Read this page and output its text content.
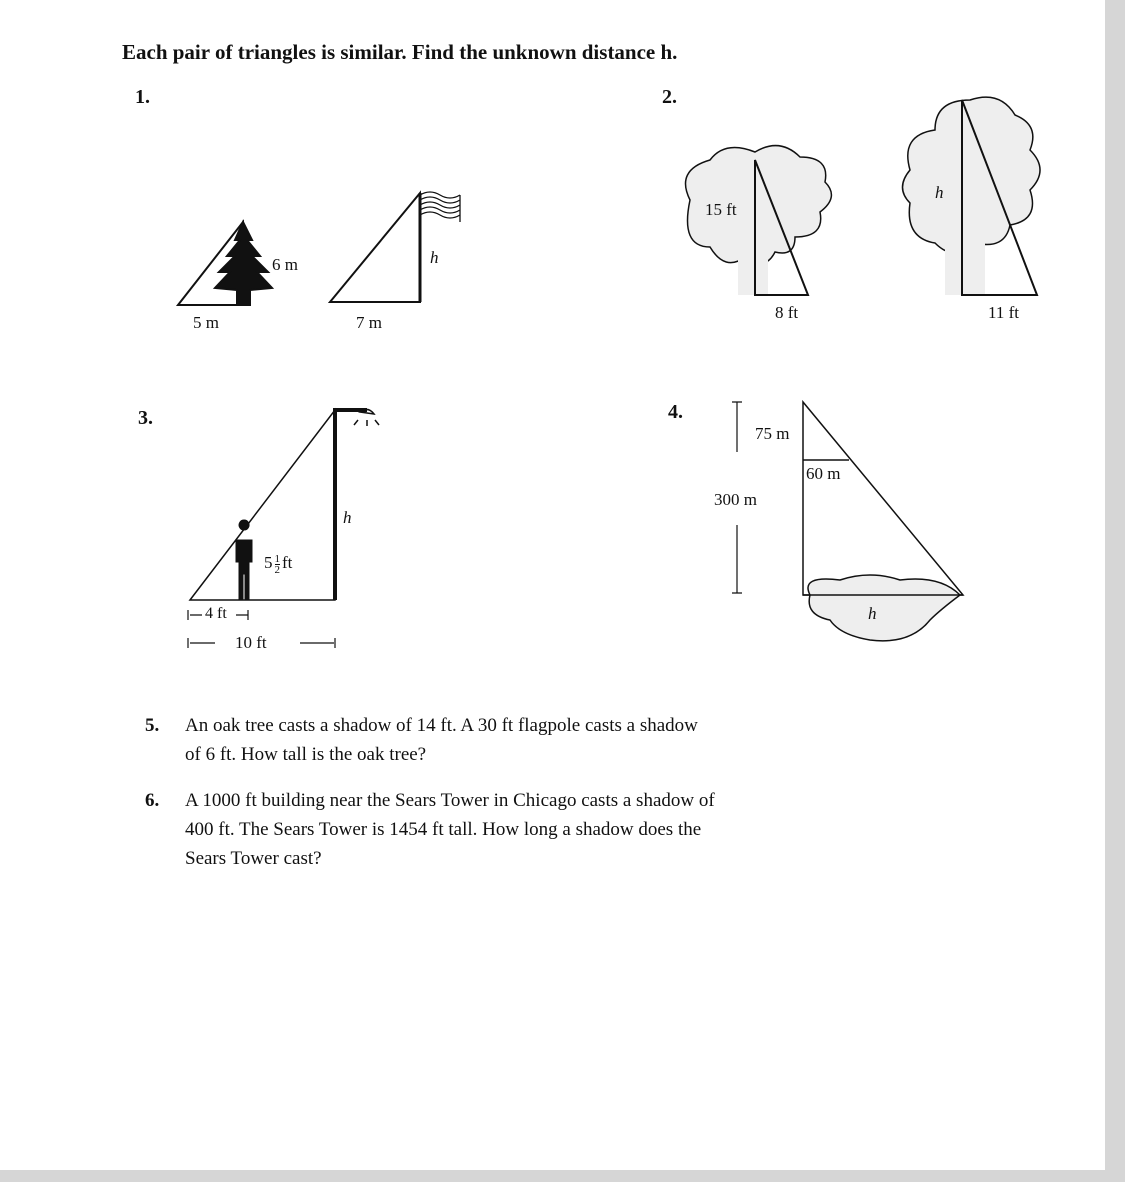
Each pair of triangles is similar. Find the unknown distance h.
1.
6 m
5 m	7 m
h
2.
15 ft
8 ft
h
11 ft
3.
$5 \frac{1}{2}$ ft
4 ft
10 ft
h
4.
75 m
60 m
300 m
h
5. An oak tree casts a shadow of 14 ft. A 30 ft flagpole casts a shadow
of 6 ft. How tall is the oak tree?
6. A 1000 ft building near the Sears Tower in Chicago casts a shadow of
400 ft. The Sears Tower is 1454 ft tall. How long a shadow does the
Sears Tower cast?
